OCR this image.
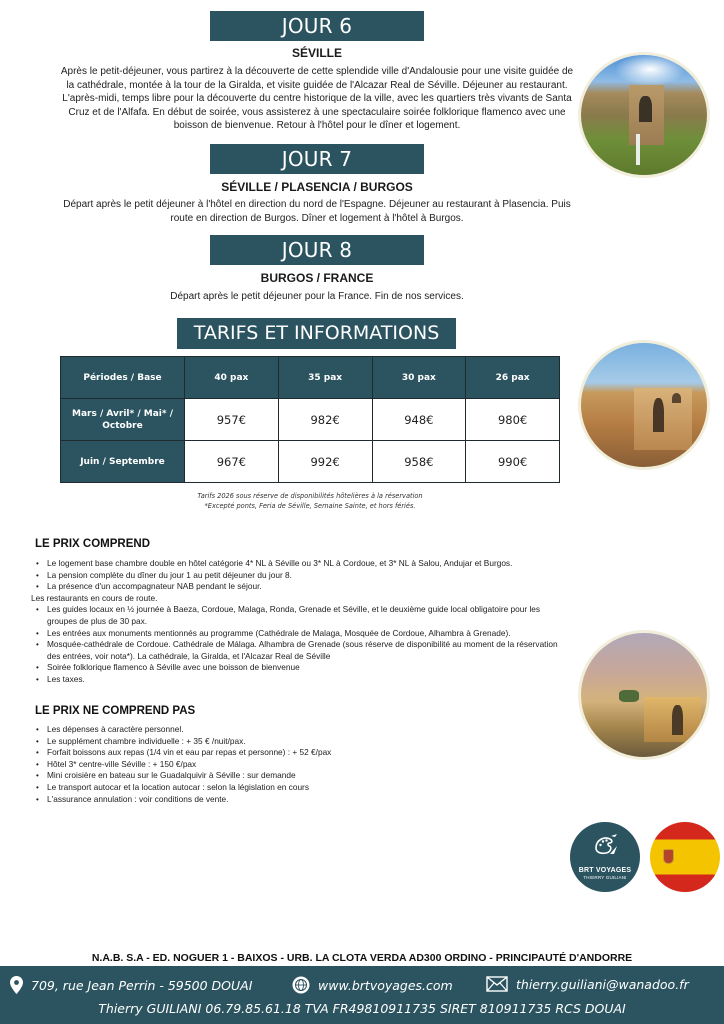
JOUR 6
SÉVILLE
Après le petit-déjeuner, vous partirez à la découverte de cette splendide ville d'Andalousie pour une visite guidée de
la cathédrale, montée à la tour de la Giralda, et visite guidée de l'Alcazar Real de Séville. Déjeuner au restaurant.
L'après-midi, temps libre pour la découverte du centre historique de la ville, avec les quartiers très vivants de Santa
Cruz et de l'Alfafa. En début de soirée, vous assisterez à une spectaculaire soirée folklorique flamenco avec une
boisson de bienvenue. Retour à l'hôtel pour le dîner et logement.
JOUR 7
SÉVILLE / PLASENCIA / BURGOS
Départ après le petit déjeuner à l'hôtel en direction du nord de l'Espagne. Déjeuner au restaurant à Plasencia. Puis
route en direction de Burgos. Dîner et logement à l'hôtel à Burgos.
JOUR 8
BURGOS / FRANCE
Départ après le petit déjeuner pour la France. Fin de nos services.
TARIFS ET INFORMATIONS
Périodes / Base	40 pax	35 pax	30 pax	26 pax

Mars / Avril* / Mai* /
Octobre	957€	982€	948€	980€

Juin / Septembre	967€	992€	958€	990€
Tarifs 2026 sous réserve de disponibilités hôtelières à la réservation
*Excepté ponts, Feria de Séville, Semaine Sainte, et hors fériés.
LE PRIX COMPREND
• Le logement base chambre double en hôtel catégorie 4* NL à Séville ou 3* NL à Cordoue, et 3* NL à Salou, Andujar et Burgos.
• La pension complète du dîner du jour 1 au petit déjeuner du jour 8.
• La présence d'un accompagnateur NAB pendant le séjour.
Les restaurants en cours de route.
• Les guides locaux en ½ journée à Baeza, Cordoue, Malaga, Ronda, Grenade et Séville, et le deuxième guide local obligatoire pour les groupes de plus de 30 pax.
• Les entrées aux monuments mentionnés au programme (Cathédrale de Malaga, Mosquée de Cordoue, Alhambra à Grenade).
• Mosquée-cathédrale de Cordoue. Cathédrale de Málaga. Alhambra de Grenade (sous réserve de disponibilité au moment de la réservation des entrées, voir nota*). La cathédrale, la Giralda, et l'Alcazar Real de Séville
• Soirée folklorique flamenco à Séville avec une boisson de bienvenue
• Les taxes.
LE PRIX NE COMPREND PAS
• Les dépenses à caractère personnel.
• Le supplément chambre individuelle : + 35 € /nuit/pax.
• Forfait boissons aux repas (1/4 vin et eau par repas et personne) : + 52 €/pax
• Hôtel 3* centre-ville Séville : + 150 €/pax
• Mini croisière en bateau sur le Guadalquivir à Séville : sur demande
• Le transport autocar et la location autocar : selon la législation en cours
• L'assurance annulation : voir conditions de vente.
BRT VOYAGES
THIERRY GUILIANI
N.A.B. S.A - ED. NOGUER 1 - BAIXOS - URB. LA CLOTA VERDA AD300 ORDINO - PRINCIPAUTÉ D'ANDORRE
709, rue Jean Perrin - 59500 DOUAI	www.brtvoyages.com	thierry.guiliani@wanadoo.fr
Thierry GUILIANI 06.79.85.61.18 TVA FR49810911735 SIRET 810911735 RCS DOUAI
